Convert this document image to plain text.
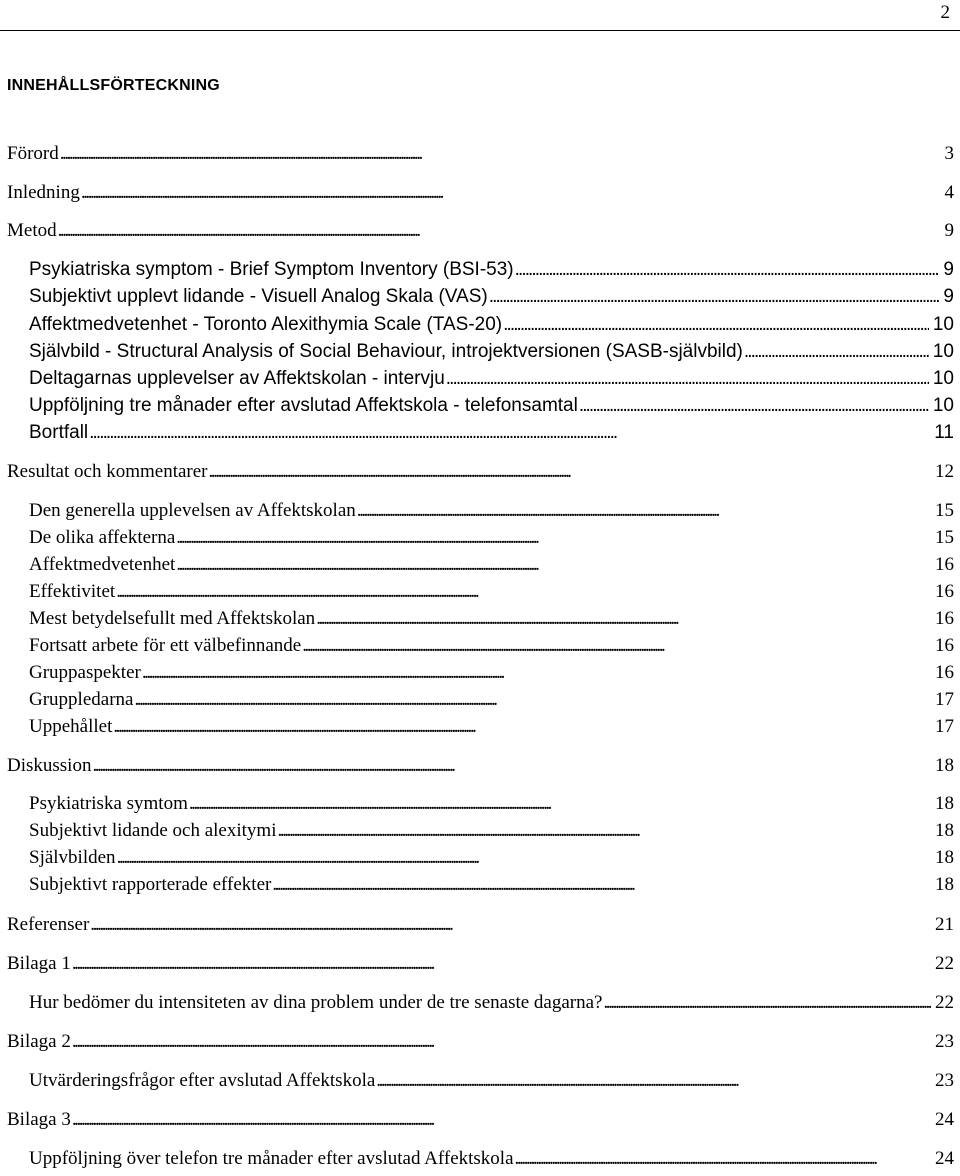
2
INNEHÅLLSFÖRTECKNING
Förord . . .	3
Inledning . . .	4
Metod . . .	9
Psykiatriska symptom - Brief Symptom Inventory (BSI-53) . . .	9
Subjektivt upplevt lidande - Visuell Analog Skala (VAS) . . .	9
Affektmedvetenhet - Toronto Alexithymia Scale (TAS-20) . . .	10
Självbild - Structural Analysis of Social Behaviour, introjektversionen (SASB-självbild) . . .	10
Deltagarnas upplevelser av Affektskolan - intervju . . .	10
Uppföljning tre månader efter avslutad Affektskola - telefonsamtal . . .	10
Bortfall . . .	11
Resultat och kommentarer . . .	12
Den generella upplevelsen av Affektskolan . . .	15
De olika affekterna . . .	15
Affektmedvetenhet . . .	16
Effektivitet . . .	16
Mest betydelsefullt med Affektskolan . . .	16
Fortsatt arbete för ett välbefinnande . . .	16
Gruppaspekter . . .	16
Gruppledarna . . .	17
Uppehållet . . .	17
Diskussion . . .	18
Psykiatriska symtom . . .	18
Subjektivt lidande och alexitymi . . .	18
Självbilden . . .	18
Subjektivt rapporterade effekter . . .	18
Referenser . . .	21
Bilaga 1 . . .	22
Hur bedömer du intensiteten av dina problem under de tre senaste dagarna? . . .	22
Bilaga 2 . . .	23
Utvärderingsfrågor efter avslutad Affektskola . . .	23
Bilaga 3 . . .	24
Uppföljning över telefon tre månader efter avslutad Affektskola . . .	24
